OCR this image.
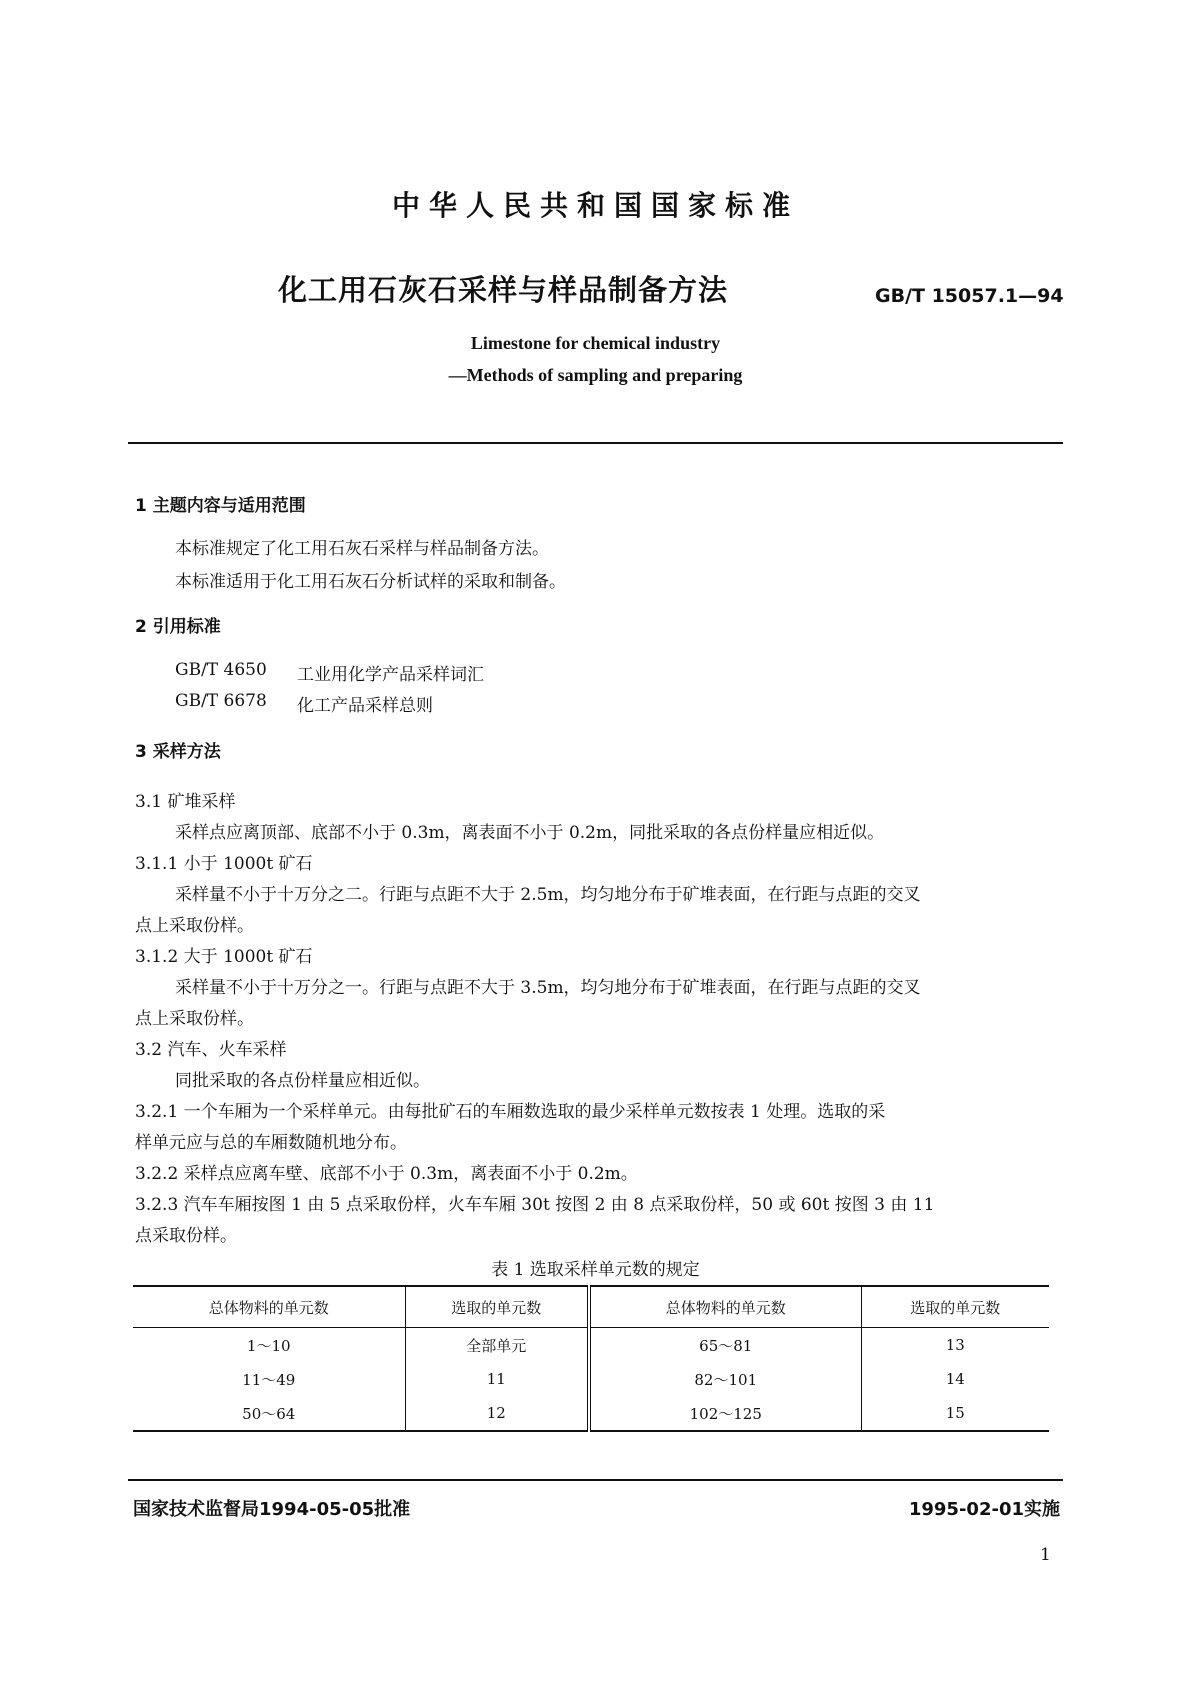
中华人民共和国国家标准
化工用石灰石采样与样品制备方法	GB/T 15057.1—94
Limestone for chemical industry
—Methods of sampling and preparing
1 主题内容与适用范围
本标准规定了化工用石灰石采样与样品制备方法。
本标准适用于化工用石灰石分析试样的采取和制备。
2 引用标准
GB/T 4650 工业用化学产品采样词汇
GB/T 6678 化工产品采样总则
3 采样方法
3.1 矿堆采样
采样点应离顶部、底部不小于 0.3m，离表面不小于 0.2m，同批采取的各点份样量应相近似。
3.1.1 小于 1000t 矿石
采样量不小于十万分之二。行距与点距不大于 2.5m，均匀地分布于矿堆表面，在行距与点距的交叉
点上采取份样。
3.1.2 大于 1000t 矿石
采样量不小于十万分之一。行距与点距不大于 3.5m，均匀地分布于矿堆表面，在行距与点距的交叉
点上采取份样。
3.2 汽车、火车采样
同批采取的各点份样量应相近似。
3.2.1 一个车厢为一个采样单元。由每批矿石的车厢数选取的最少采样单元数按表 1 处理。选取的采
样单元应与总的车厢数随机地分布。
3.2.2 采样点应离车壁、底部不小于 0.3m，离表面不小于 0.2m。
3.2.3 汽车车厢按图 1 由 5 点采取份样，火车车厢 30t 按图 2 由 8 点采取份样，50 或 60t 按图 3 由 11
点采取份样。
表 1 选取采样单元数的规定
总体物料的单元数	选取的单元数	总体物料的单元数	选取的单元数
1～10	全部单元	65～81	13
11～49	11	82～101	14
50～64	12	102～125	15
国家技术监督局1994-05-05批准	1995-02-01实施
1
